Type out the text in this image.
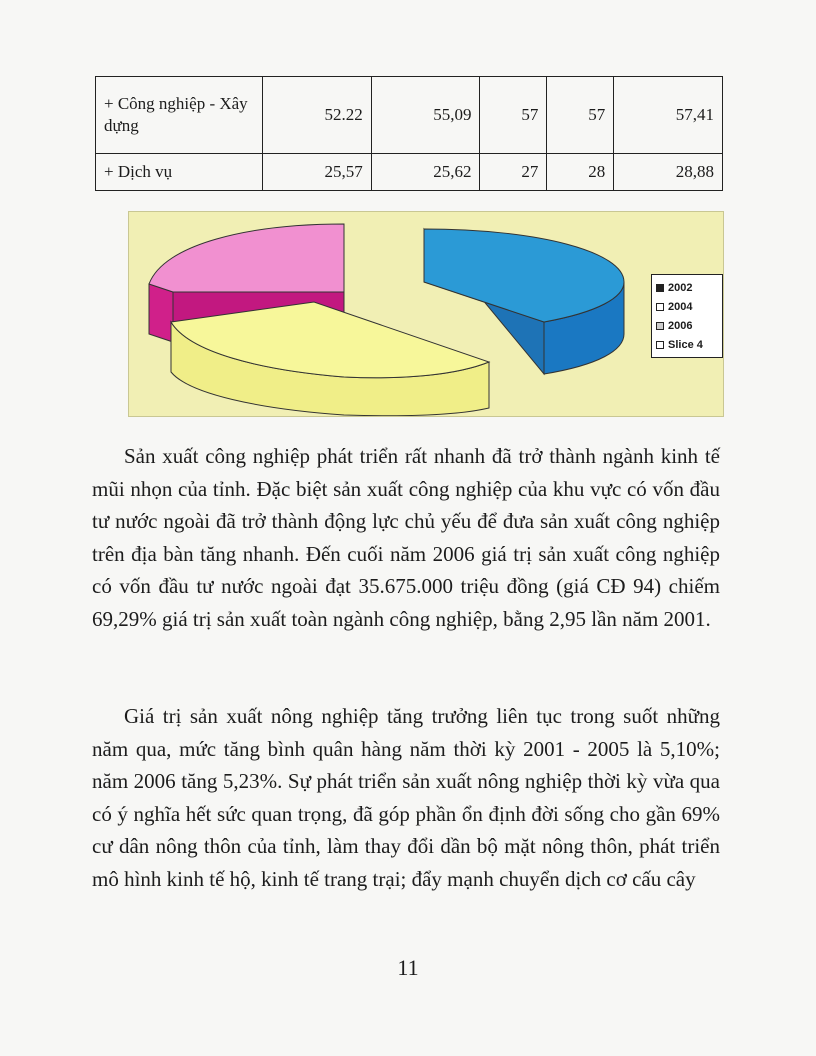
+ Công nghiệp - Xây dựng	52.22	55,09	57	57	57,41
+ Dịch vụ	25,57	25,62	27	28	28,88
2002
2004
2006
Slice 4

Sản xuất công nghiệp phát triển rất nhanh đã trở thành ngành kinh tế mũi nhọn của tỉnh. Đặc biệt sản xuất công nghiệp của khu vực có vốn đầu tư nước ngoài đã trở thành động lực chủ yếu để đưa sản xuất công nghiệp trên địa bàn tăng nhanh. Đến cuối năm 2006 giá trị sản xuất công nghiệp có vốn đầu tư nước ngoài đạt 35.675.000 triệu đồng (giá CĐ 94) chiếm 69,29% giá trị sản xuất toàn ngành công nghiệp, bằng 2,95 lần năm 2001.

Giá trị sản xuất nông nghiệp tăng trưởng liên tục trong suốt những năm qua, mức tăng bình quân hàng năm thời kỳ 2001 - 2005 là 5,10%; năm 2006 tăng 5,23%. Sự phát triển sản xuất nông nghiệp thời kỳ vừa qua có ý nghĩa hết sức quan trọng, đã góp phần ổn định đời sống cho gần 69% cư dân nông thôn của tỉnh, làm thay đổi dần bộ mặt nông thôn, phát triển mô hình kinh tế hộ, kinh tế trang trại; đẩy mạnh chuyển dịch cơ cấu cây

11
